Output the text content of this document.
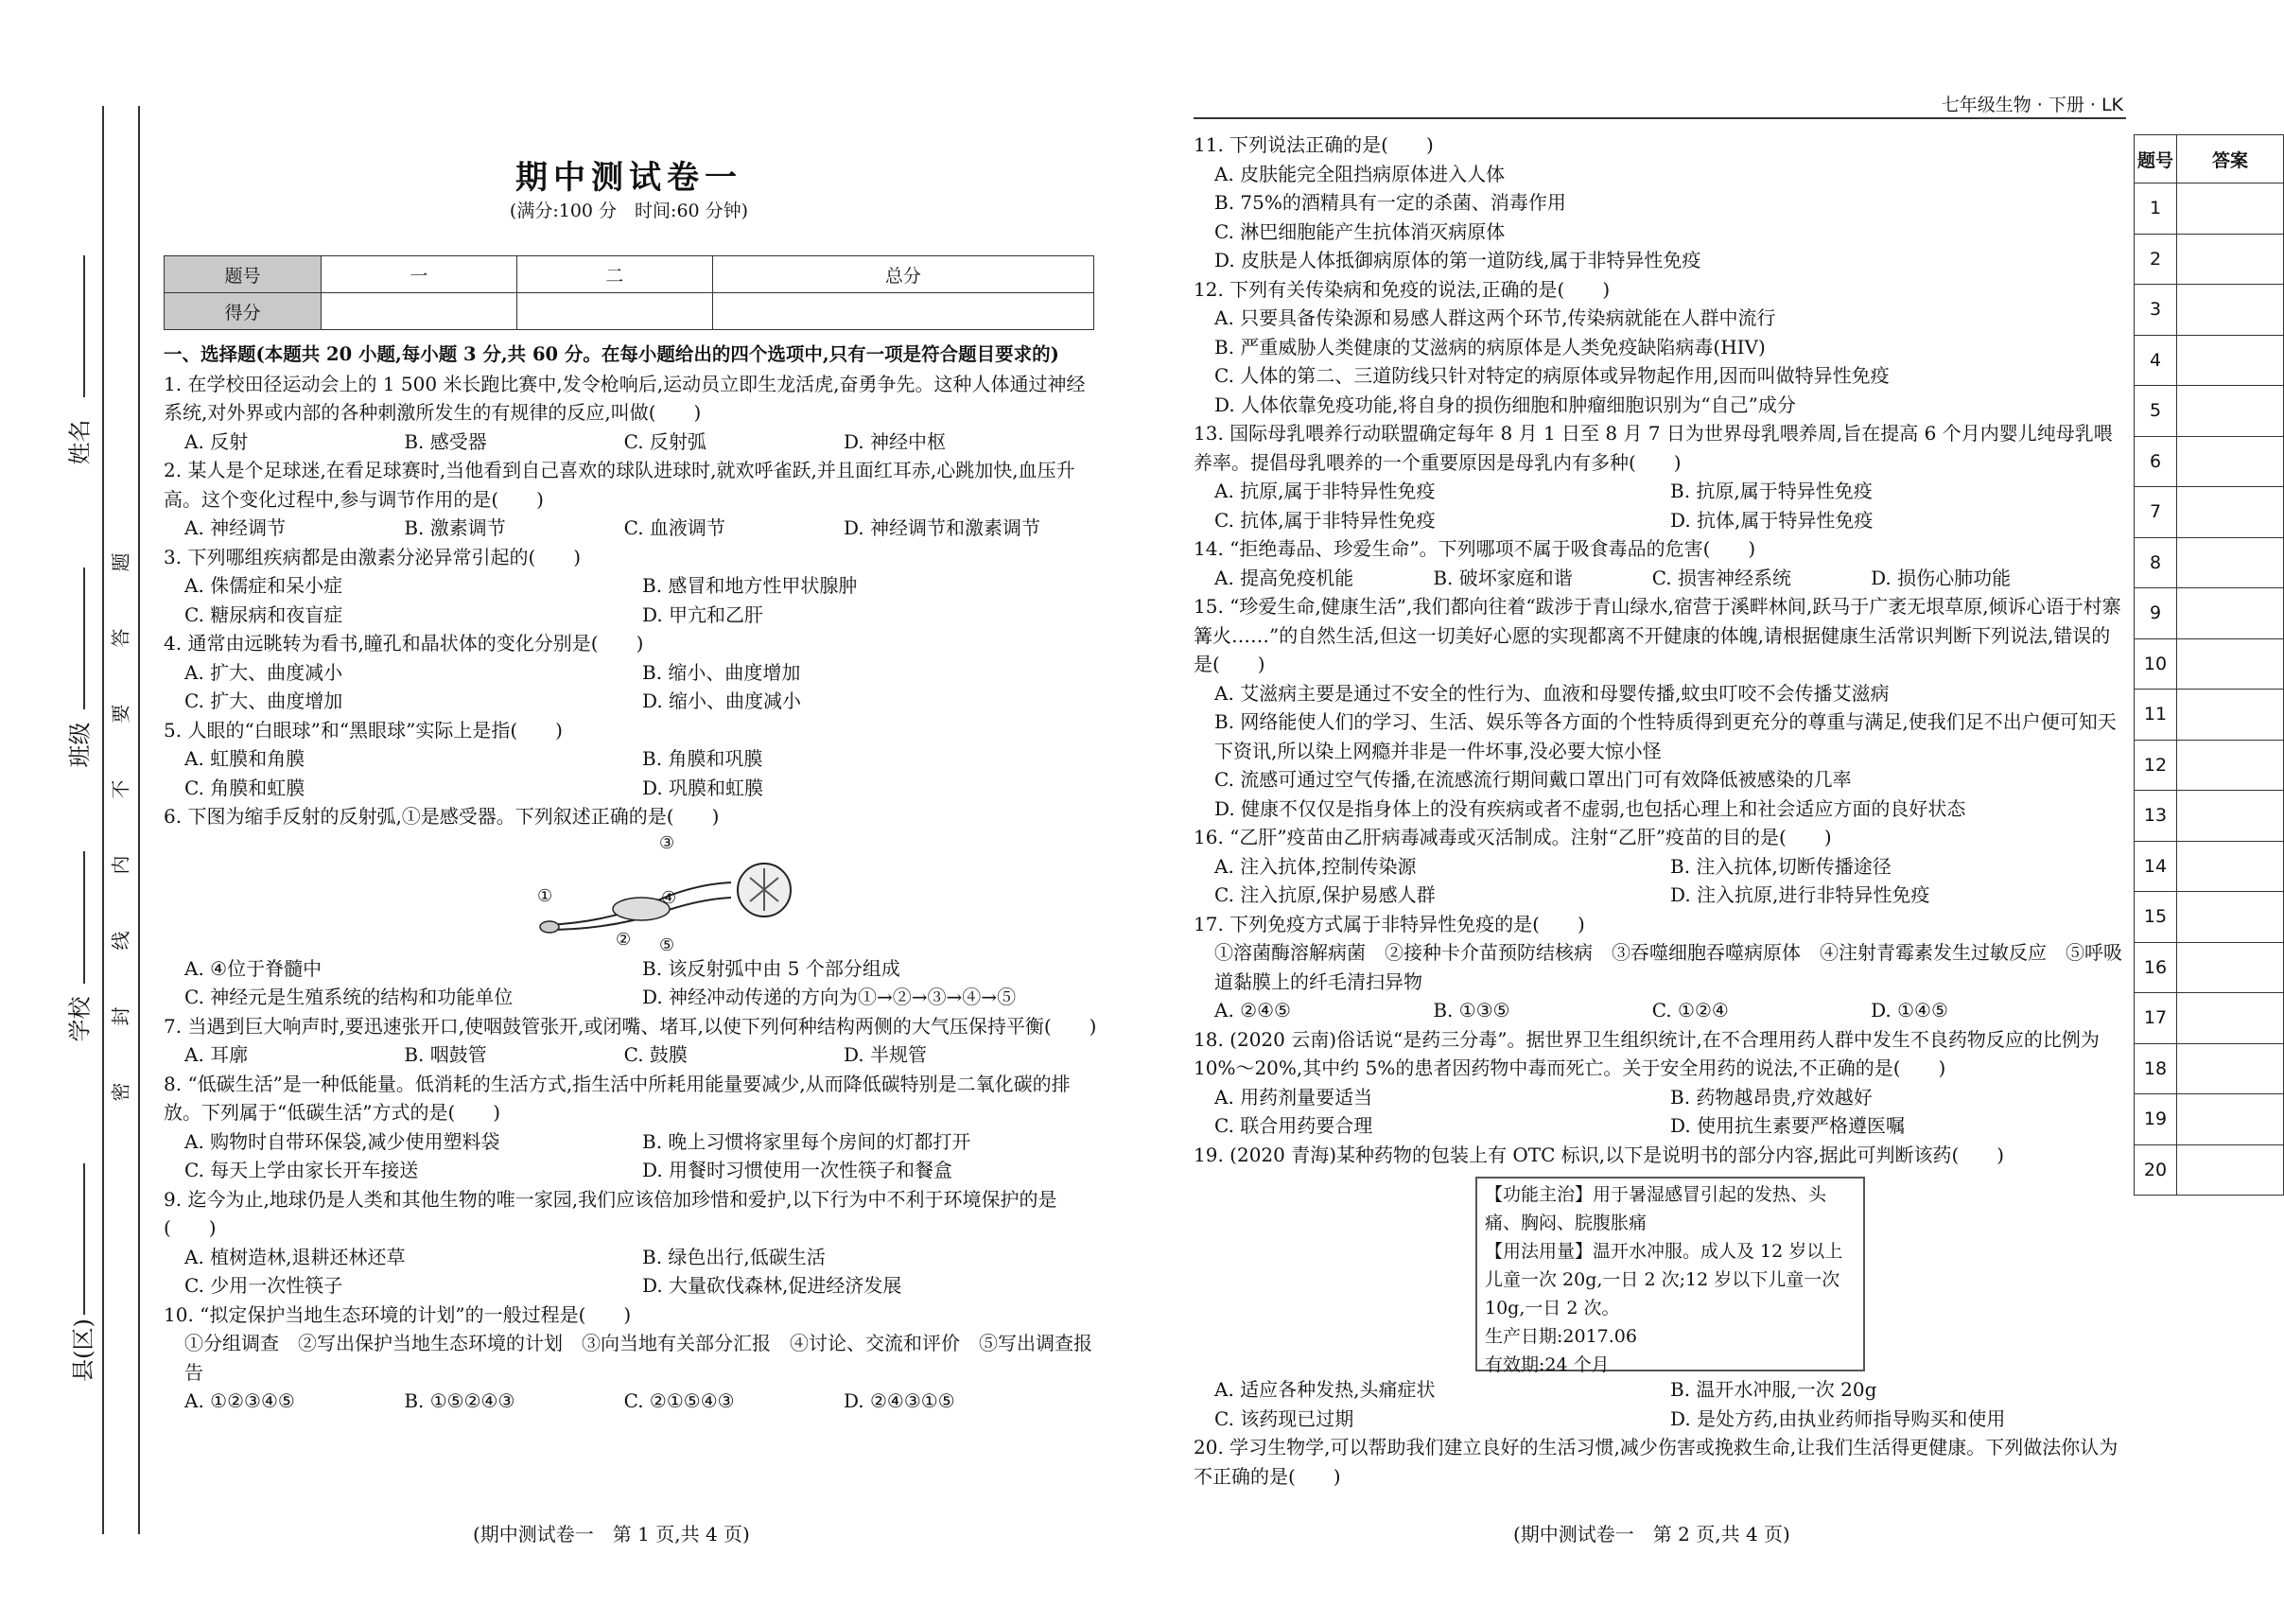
姓名
班级
学校
县(区)
题
答
要
不
内
线
封
密
期中测试卷一
(满分:100 分　时间:60 分钟)
题号	一	二	总分
得分			
一、选择题(本题共 20 小题,每小题 3 分,共 60 分。在每小题给出的四个选项中,只有一项是符合题目要求的)
1. 在学校田径运动会上的 1 500 米长跑比赛中,发令枪响后,运动员立即生龙活虎,奋勇争先。这种人体通过神经系统,对外界或内部的各种刺激所发生的有规律的反应,叫做(　　)
A. 反射	B. 感受器	C. 反射弧	D. 神经中枢
2. 某人是个足球迷,在看足球赛时,当他看到自己喜欢的球队进球时,就欢呼雀跃,并且面红耳赤,心跳加快,血压升高。这个变化过程中,参与调节作用的是(　　)
A. 神经调节	B. 激素调节	C. 血液调节	D. 神经调节和激素调节
3. 下列哪组疾病都是由激素分泌异常引起的(　　)
A. 侏儒症和呆小症	B. 感冒和地方性甲状腺肿
C. 糖尿病和夜盲症	D. 甲亢和乙肝
4. 通常由远眺转为看书,瞳孔和晶状体的变化分别是(　　)
A. 扩大、曲度减小	B. 缩小、曲度增加
C. 扩大、曲度增加	D. 缩小、曲度减小
5. 人眼的“白眼球”和“黑眼球”实际上是指(　　)
A. 虹膜和角膜	B. 角膜和巩膜
C. 角膜和虹膜	D. 巩膜和虹膜
6. 下图为缩手反射的反射弧,①是感受器。下列叙述正确的是(　　)
①
②
③
④
⑤
A. ④位于脊髓中	B. 该反射弧中由 5 个部分组成
C. 神经元是生殖系统的结构和功能单位	D. 神经冲动传递的方向为①→②→③→④→⑤
7. 当遇到巨大响声时,要迅速张开口,使咽鼓管张开,或闭嘴、堵耳,以使下列何种结构两侧的大气压保持平衡(　　)
A. 耳廓	B. 咽鼓管	C. 鼓膜	D. 半规管
8. “低碳生活”是一种低能量。低消耗的生活方式,指生活中所耗用能量要减少,从而降低碳特别是二氧化碳的排放。下列属于“低碳生活”方式的是(　　)
A. 购物时自带环保袋,减少使用塑料袋	B. 晚上习惯将家里每个房间的灯都打开
C. 每天上学由家长开车接送	D. 用餐时习惯使用一次性筷子和餐盒
9. 迄今为止,地球仍是人类和其他生物的唯一家园,我们应该倍加珍惜和爱护,以下行为中不利于环境保护的是(　　)
A. 植树造林,退耕还林还草	B. 绿色出行,低碳生活
C. 少用一次性筷子	D. 大量砍伐森林,促进经济发展
10. “拟定保护当地生态环境的计划”的一般过程是(　　)
①分组调查　②写出保护当地生态环境的计划　③向当地有关部分汇报　④讨论、交流和评价　⑤写出调查报告
A. ①②③④⑤	B. ①⑤②④③	C. ②①⑤④③	D. ②④③①⑤
(期中测试卷一　第 1 页,共 4 页)
七年级生物 · 下册 · LK
11. 下列说法正确的是(　　)
A. 皮肤能完全阻挡病原体进入人体
B. 75%的酒精具有一定的杀菌、消毒作用
C. 淋巴细胞能产生抗体消灭病原体
D. 皮肤是人体抵御病原体的第一道防线,属于非特异性免疫
12. 下列有关传染病和免疫的说法,正确的是(　　)
A. 只要具备传染源和易感人群这两个环节,传染病就能在人群中流行
B. 严重威胁人类健康的艾滋病的病原体是人类免疫缺陷病毒(HIV)
C. 人体的第二、三道防线只针对特定的病原体或异物起作用,因而叫做特异性免疫
D. 人体依靠免疫功能,将自身的损伤细胞和肿瘤细胞识别为“自己”成分
13. 国际母乳喂养行动联盟确定每年 8 月 1 日至 8 月 7 日为世界母乳喂养周,旨在提高 6 个月内婴儿纯母乳喂养率。提倡母乳喂养的一个重要原因是母乳内有多种(　　)
A. 抗原,属于非特异性免疫	B. 抗原,属于特异性免疫
C. 抗体,属于非特异性免疫	D. 抗体,属于特异性免疫
14. “拒绝毒品、珍爱生命”。下列哪项不属于吸食毒品的危害(　　)
A. 提高免疫机能	B. 破坏家庭和谐	C. 损害神经系统	D. 损伤心肺功能
15. “珍爱生命,健康生活”,我们都向往着“跋涉于青山绿水,宿营于溪畔林间,跃马于广袤无垠草原,倾诉心语于村寨篝火……”的自然生活,但这一切美好心愿的实现都离不开健康的体魄,请根据健康生活常识判断下列说法,错误的是(　　)
A. 艾滋病主要是通过不安全的性行为、血液和母婴传播,蚊虫叮咬不会传播艾滋病
B. 网络能使人们的学习、生活、娱乐等各方面的个性特质得到更充分的尊重与满足,使我们足不出户便可知天下资讯,所以染上网瘾并非是一件坏事,没必要大惊小怪
C. 流感可通过空气传播,在流感流行期间戴口罩出门可有效降低被感染的几率
D. 健康不仅仅是指身体上的没有疾病或者不虚弱,也包括心理上和社会适应方面的良好状态
16. “乙肝”疫苗由乙肝病毒减毒或灭活制成。注射“乙肝”疫苗的目的是(　　)
A. 注入抗体,控制传染源	B. 注入抗体,切断传播途径
C. 注入抗原,保护易感人群	D. 注入抗原,进行非特异性免疫
17. 下列免疫方式属于非特异性免疫的是(　　)
①溶菌酶溶解病菌　②接种卡介苗预防结核病　③吞噬细胞吞噬病原体　④注射青霉素发生过敏反应　⑤呼吸道黏膜上的纤毛清扫异物
A. ②④⑤	B. ①③⑤	C. ①②④	D. ①④⑤
18. (2020 云南)俗话说“是药三分毒”。据世界卫生组织统计,在不合理用药人群中发生不良药物反应的比例为 10%～20%,其中约 5%的患者因药物中毒而死亡。关于安全用药的说法,不正确的是(　　)
A. 用药剂量要适当	B. 药物越昂贵,疗效越好
C. 联合用药要合理	D. 使用抗生素要严格遵医嘱
19. (2020 青海)某种药物的包装上有 OTC 标识,以下是说明书的部分内容,据此可判断该药(　　)
A. 适应各种发热,头痛症状	B. 温开水冲服,一次 20g
C. 该药现已过期	D. 是处方药,由执业药师指导购买和使用
20. 学习生物学,可以帮助我们建立良好的生活习惯,减少伤害或挽救生命,让我们生活得更健康。下列做法你认为不正确的是(　　)
【功能主治】用于暑湿感冒引起的发热、头痛、胸闷、脘腹胀痛
【用法用量】温开水冲服。成人及 12 岁以上儿童一次 20g,一日 2 次;12 岁以下儿童一次 10g,一日 2 次。
生产日期:2017.06
有效期:24 个月
(期中测试卷一　第 2 页,共 4 页)
题号	答案
1	
2	
3	
4	
5	
6	
7	
8	
9	
10	
11	
12	
13	
14	
15	
16	
17	
18	
19	
20	
